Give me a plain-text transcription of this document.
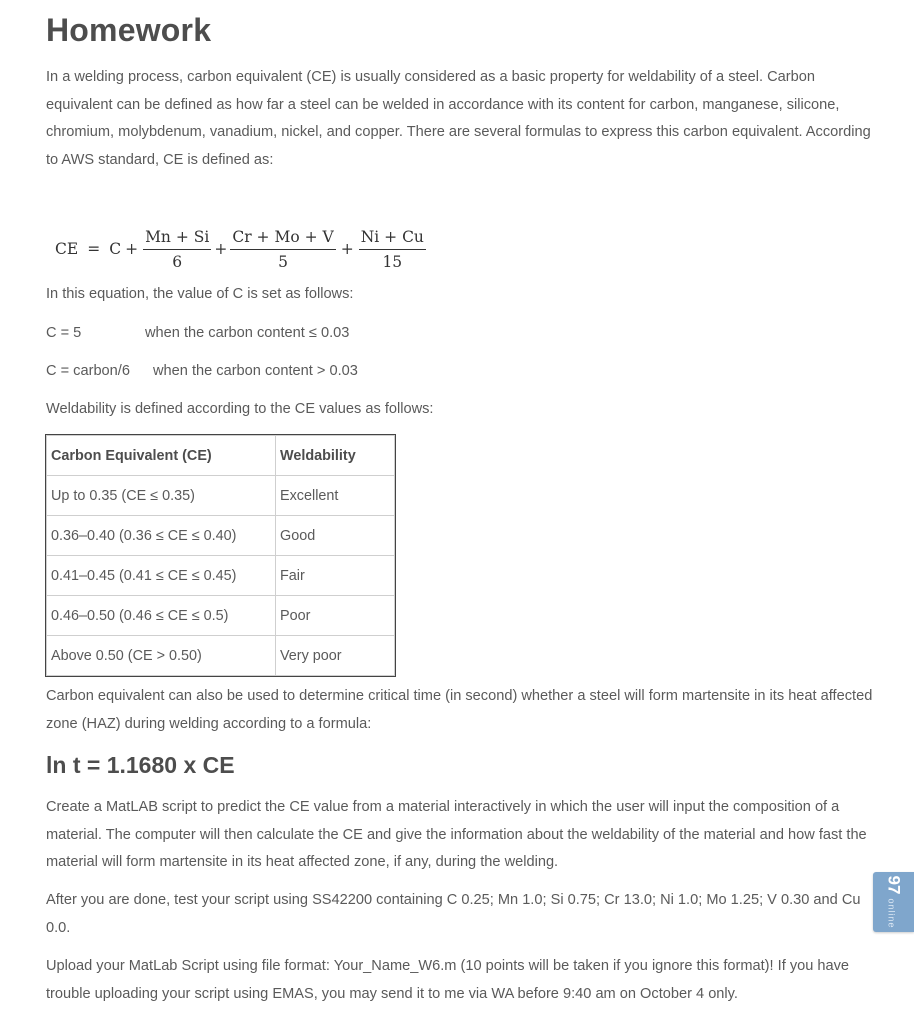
Homework

In a welding process, carbon equivalent (CE) is usually considered as a basic property for weldability of a steel. Carbon equivalent can be defined as how far a steel can be welded in accordance with its content for carbon, manganese, silicone, chromium, molybdenum, vanadium, nickel, and copper. There are several formulas to express this carbon equivalent. According to AWS standard, CE is defined as:

CE = $C + \frac{Mn + Si}{6} + \frac{Cr + Mo + V}{5} + \frac{Ni + Cu}{15}$

In this equation, the value of C is set as follows:

C = 5	when the carbon content ≤ 0.03
C = carbon/6 when the carbon content > 0.03

Weldability is defined according to the CE values as follows:

Carbon Equivalent (CE)	Weldability
Up to 0.35 (CE ≤ 0.35)	Excellent
0.36–0.40 (0.36 ≤ CE ≤ 0.40)	Good
0.41–0.45 (0.41 ≤ CE ≤ 0.45)	Fair
0.46–0.50 (0.46 ≤ CE ≤ 0.5)	Poor
Above 0.50 (CE > 0.50)	Very poor

Carbon equivalent can also be used to determine critical time (in second) whether a steel will form martensite in its heat affected zone (HAZ) during welding according to a formula:

ln t = 1.1680 x CE

Create a MatLAB script to predict the CE value from a material interactively in which the user will input the composition of a material. The computer will then calculate the CE and give the information about the weldability of the material and how fast the material will form martensite in its heat affected zone, if any, during the welding.

After you are done, test your script using SS42200 containing C 0.25; Mn 1.0; Si 0.75; Cr 13.0; Ni 1.0; Mo 1.25; V 0.30 and Cu 0.0.

Upload your MatLab Script using file format: Your_Name_W6.m (10 points will be taken if you ignore this format)! If you have trouble uploading your script using EMAS, you may send it to me via WA before 9:40 am on October 4 only.

97
online
